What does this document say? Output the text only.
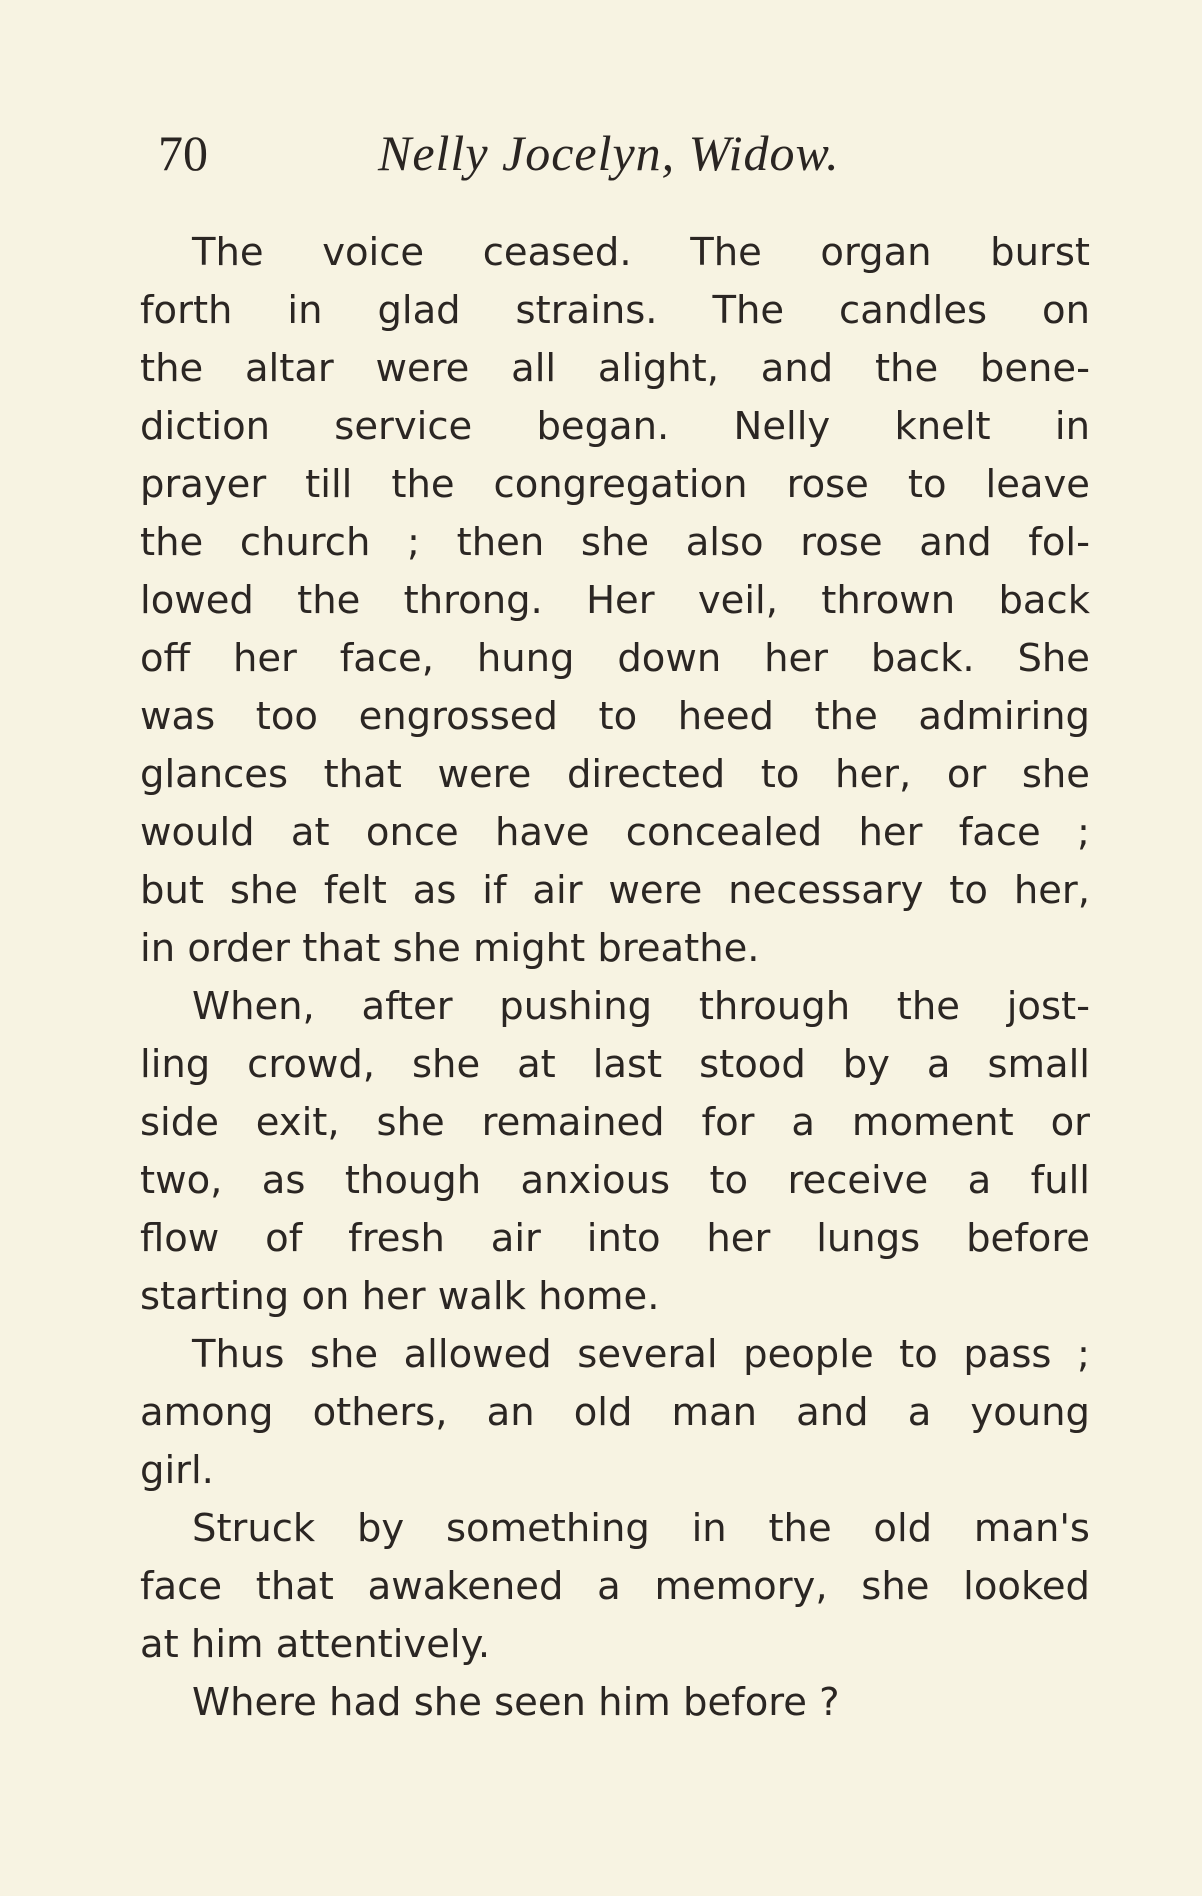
70	Nelly Jocelyn, Widow.
The voice ceased. The organ burst
forth in glad strains. The candles on
the altar were all alight, and the bene-
diction service began. Nelly knelt in
prayer till the congregation rose to leave
the church ; then she also rose and fol-
lowed the throng. Her veil, thrown back
off her face, hung down her back. She
was too engrossed to heed the admiring
glances that were directed to her, or she
would at once have concealed her face ;
but she felt as if air were necessary to her,
in order that she might breathe.
When, after pushing through the jost-
ling crowd, she at last stood by a small
side exit, she remained for a moment or
two, as though anxious to receive a full
flow of fresh air into her lungs before
starting on her walk home.
Thus she allowed several people to pass ;
among others, an old man and a young
girl.
Struck by something in the old man's
face that awakened a memory, she looked
at him attentively.
Where had she seen him before ?
